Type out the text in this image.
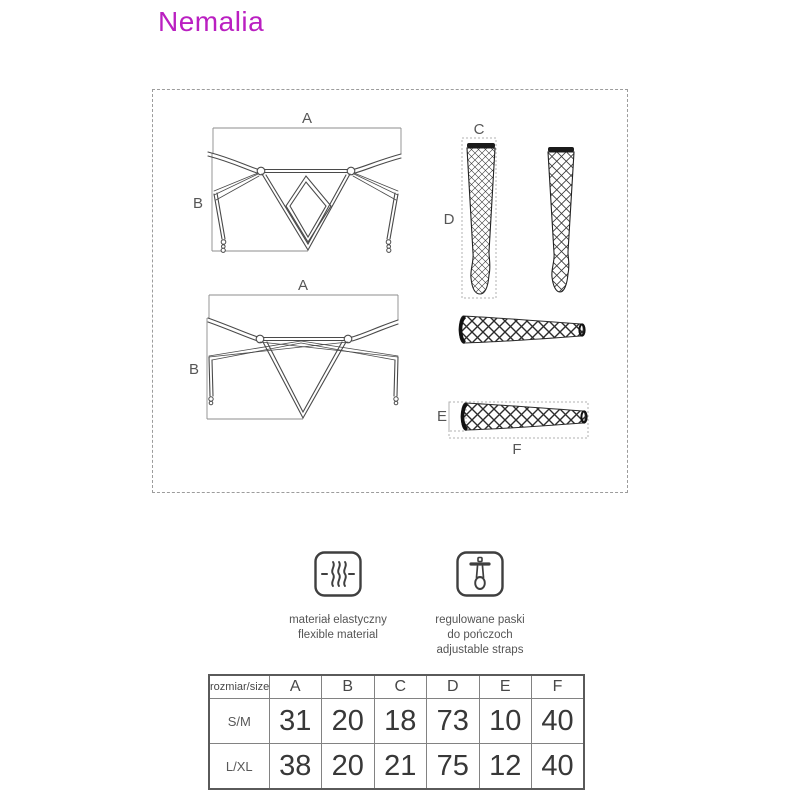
Nemalia
A
B
A
B
C
D
E
F
materiał elastyczny
flexible material
regulowane paski
do pończoch
adjustable straps
rozmiar/size	A	B	C	D	E	F
S/M	31	20	18	73	10	40
L/XL	38	20	21	75	12	40
